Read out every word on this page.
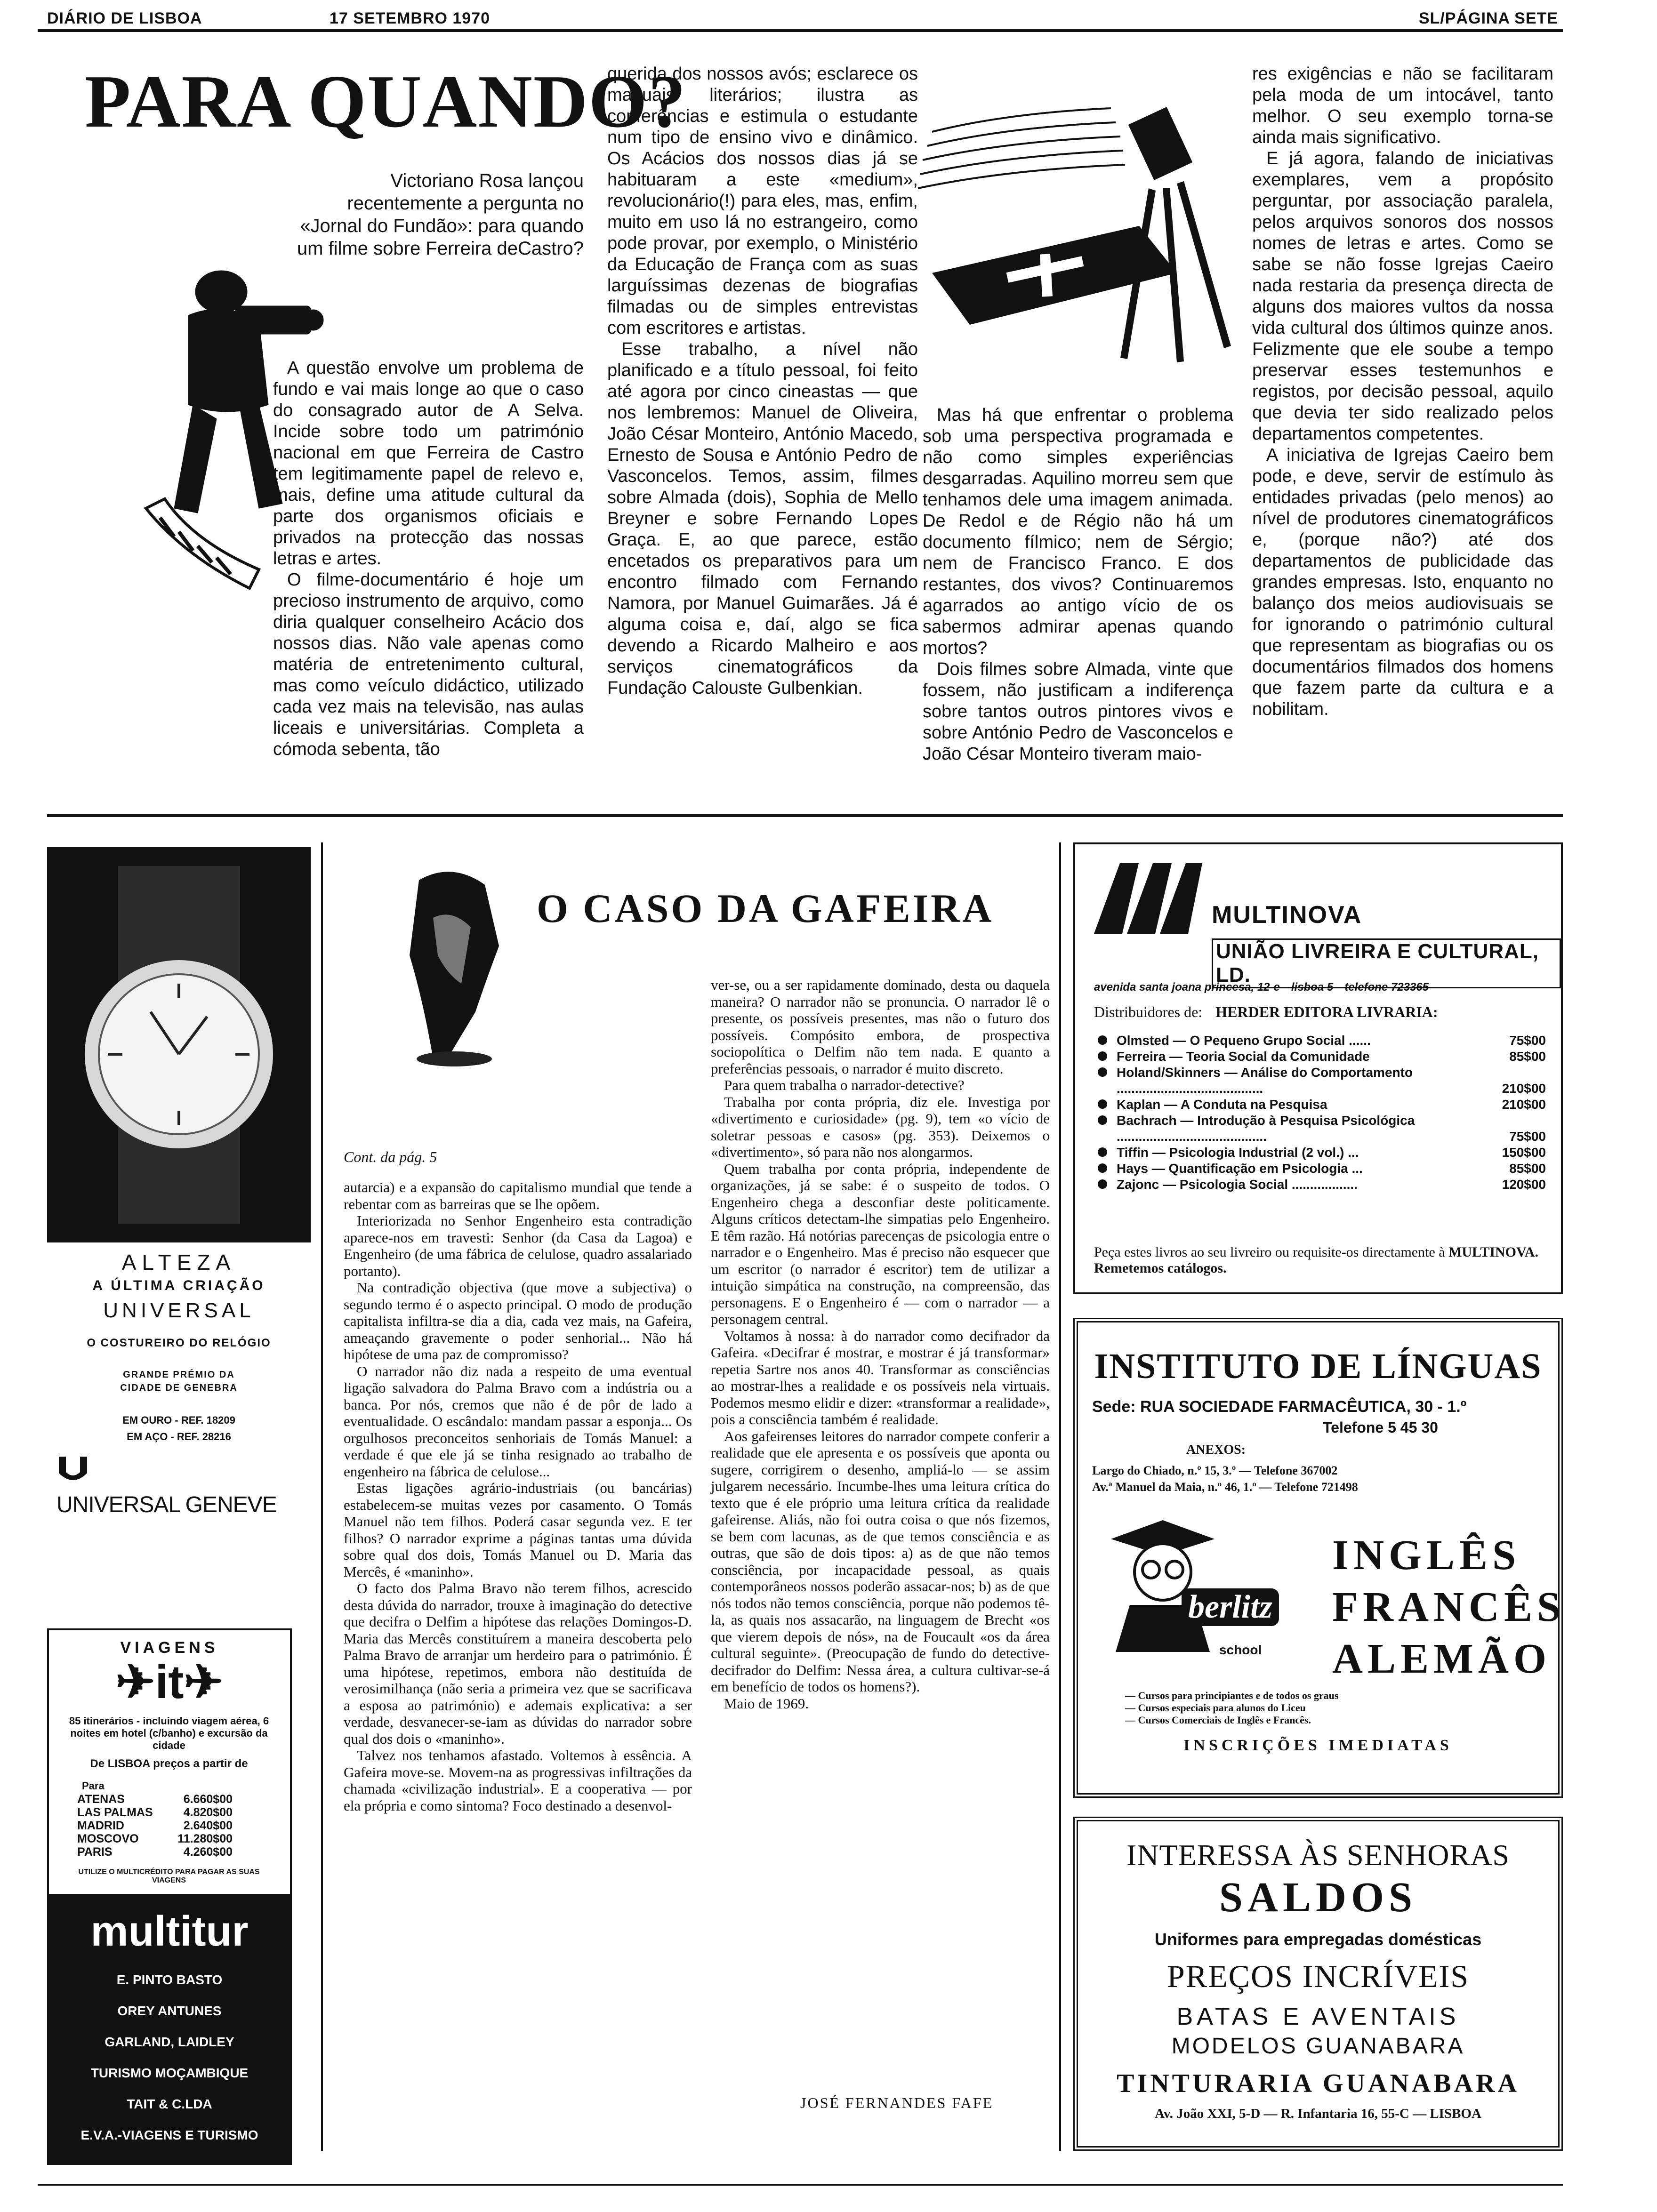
DIÁRIO DE LISBOA	17 SETEMBRO 1970	SL/PÁGINA SETE
PARA QUANDO?
Victoriano Rosa lançou recentemente a pergunta no «Jornal do Fundão»: para quando um filme sobre Ferreira deCastro?

A questão envolve um problema de fundo e vai mais longe ao que o caso do consagrado autor de A Selva. Incide sobre todo um património nacional em que Ferreira de Castro tem legitimamente papel de relevo e, mais, define uma atitude cultural da parte dos organismos oficiais e privados na protecção das nossas letras e artes.

O filme-documentário é hoje um precioso instrumento de arquivo, como diria qualquer conselheiro Acácio dos nossos dias. Não vale apenas como matéria de entretenimento cultural, mas como veículo didáctico, utilizado cada vez mais na televisão, nas aulas liceais e universitárias. Completa a cómoda sebenta, tão

querida dos nossos avós; esclarece os manuais literários; ilustra as conferências e estimula o estudante num tipo de ensino vivo e dinâmico. Os Acácios dos nossos dias já se habituaram a este «medium», revolucionário(!) para eles, mas, enfim, muito em uso lá no estrangeiro, como pode provar, por exemplo, o Ministério da Educação de França com as suas larguíssimas dezenas de biografias filmadas ou de simples entrevistas com escritores e artistas.

Esse trabalho, a nível não planificado e a título pessoal, foi feito até agora por cinco cineastas — que nos lembremos: Manuel de Oliveira, João César Monteiro, António Macedo, Ernesto de Sousa e António Pedro de Vasconcelos. Temos, assim, filmes sobre Almada (dois), Sophia de Mello Breyner e sobre Fernando Lopes Graça. E, ao que parece, estão encetados os preparativos para um encontro filmado com Fernando Namora, por Manuel Guimarães. Já é alguma coisa e, daí, algo se fica devendo a Ricardo Malheiro e aos serviços cinematográficos da Fundação Calouste Gulbenkian.

Mas há que enfrentar o problema sob uma perspectiva programada e não como simples experiências desgarradas. Aquilino morreu sem que tenhamos dele uma imagem animada. De Redol e de Régio não há um documento fílmico; nem de Sérgio; nem de Francisco Franco. E dos restantes, dos vivos? Continuaremos agarrados ao antigo vício de os sabermos admirar apenas quando mortos?

Dois filmes sobre Almada, vinte que fossem, não justificam a indiferença sobre tantos outros pintores vivos e sobre António Pedro de Vasconcelos e João César Monteiro tiveram maio-

res exigências e não se facilitaram pela moda de um intocável, tanto melhor. O seu exemplo torna-se ainda mais significativo.

E já agora, falando de iniciativas exemplares, vem a propósito perguntar, por associação paralela, pelos arquivos sonoros dos nossos nomes de letras e artes. Como se sabe se não fosse Igrejas Caeiro nada restaria da presença directa de alguns dos maiores vultos da nossa vida cultural dos últimos quinze anos. Felizmente que ele soube a tempo preservar esses testemunhos e registos, por decisão pessoal, aquilo que devia ter sido realizado pelos departamentos competentes.

A iniciativa de Igrejas Caeiro bem pode, e deve, servir de estímulo às entidades privadas (pelo menos) ao nível de produtores cinematográficos e, (porque não?) até dos departamentos de publicidade das grandes empresas. Isto, enquanto no balanço dos meios audiovisuais se for ignorando o património cultural que representam as biografias ou os documentários filmados dos homens que fazem parte da cultura e a nobilitam.

ALTEZA
A ÚLTIMA CRIAÇÃO
UNIVERSAL
O COSTUREIRO DO RELÓGIO
GRANDE PRÉMIO DA
CIDADE DE GENEBRA
EM OURO - REF. 18209
EM AÇO - REF. 28216
UNIVERSAL GENEVE
VIAGENS
✈it✈
85 itinerários - incluindo viagem aérea, 6 noites em hotel (c/banho) e excursão da cidade
De LISBOA preços a partir de
Para
ATENAS	6.660$00
LAS PALMAS	4.820$00
MADRID	2.640$00
MOSCOVO	11.280$00
PARIS	4.260$00
UTILIZE O MULTICRÉDITO PARA PAGAR AS SUAS VIAGENS
multitur
E. PINTO BASTO
OREY ANTUNES
GARLAND, LAIDLEY
TURISMO MOÇAMBIQUE
TAIT & C.LDA
E.V.A.-VIAGENS E TURISMO
O CASO DA GAFEIRA
Cont. da pág. 5

autarcia) e a expansão do capitalismo mundial que tende a rebentar com as barreiras que se lhe opõem.

Interiorizada no Senhor Engenheiro esta contradição aparece-nos em travesti: Senhor (da Casa da Lagoa) e Engenheiro (de uma fábrica de celulose, quadro assalariado portanto).

Na contradição objectiva (que move a subjectiva) o segundo termo é o aspecto principal. O modo de produção capitalista infiltra-se dia a dia, cada vez mais, na Gafeira, ameaçando gravemente o poder senhorial... Não há hipótese de uma paz de compromisso?

O narrador não diz nada a respeito de uma eventual ligação salvadora do Palma Bravo com a indústria ou a banca. Por nós, cremos que não é de pôr de lado a eventualidade. O escândalo: mandam passar a esponja... Os orgulhosos preconceitos senhoriais de Tomás Manuel: a verdade é que ele já se tinha resignado ao trabalho de engenheiro na fábrica de celulose...

Estas ligações agrário-industriais (ou bancárias) estabelecem-se muitas vezes por casamento. O Tomás Manuel não tem filhos. Poderá casar segunda vez. E ter filhos? O narrador exprime a páginas tantas uma dúvida sobre qual dos dois, Tomás Manuel ou D. Maria das Mercês, é «maninho».

O facto dos Palma Bravo não terem filhos, acrescido desta dúvida do narrador, trouxe à imaginação do detective que decifra o Delfim a hipótese das relações Domingos-D. Maria das Mercês constituírem a maneira descoberta pelo Palma Bravo de arranjar um herdeiro para o património. É uma hipótese, repetimos, embora não destituída de verosimilhança (não seria a primeira vez que se sacrificava a esposa ao património) e ademais explicativa: a ser verdade, desvanecer-se-iam as dúvidas do narrador sobre qual dos dois o «maninho».

Talvez nos tenhamos afastado. Voltemos à essência. A Gafeira move-se. Movem-na as progressivas infiltrações da chamada «civilização industrial». E a cooperativa — por ela própria e como sintoma? Foco destinado a desenvol-

ver-se, ou a ser rapidamente dominado, desta ou daquela maneira? O narrador não se pronuncia. O narrador lê o presente, os possíveis presentes, mas não o futuro dos possíveis. Compósito embora, de prospectiva sociopolítica o Delfim não tem nada. E quanto a preferências pessoais, o narrador é muito discreto.

Para quem trabalha o narrador-detective?

Trabalha por conta própria, diz ele. Investiga por «divertimento e curiosidade» (pg. 9), tem «o vício de soletrar pessoas e casos» (pg. 353). Deixemos o «divertimento», só para não nos alongarmos.

Quem trabalha por conta própria, independente de organizações, já se sabe: é o suspeito de todos. O Engenheiro chega a desconfiar deste politicamente. Alguns críticos detectam-lhe simpatias pelo Engenheiro. E têm razão. Há notórias parecenças de psicologia entre o narrador e o Engenheiro. Mas é preciso não esquecer que um escritor (o narrador é escritor) tem de utilizar a intuição simpática na construção, na compreensão, das personagens. E o Engenheiro é — com o narrador — a personagem central.

Voltamos à nossa: à do narrador como decifrador da Gafeira. «Decifrar é mostrar, e mostrar é já transformar» repetia Sartre nos anos 40. Transformar as consciências ao mostrar-lhes a realidade e os possíveis nela virtuais. Podemos mesmo elidir e dizer: «transformar a realidade», pois a consciência também é realidade.

Aos gafeirenses leitores do narrador compete conferir a realidade que ele apresenta e os possíveis que aponta ou sugere, corrigirem o desenho, ampliá-lo — se assim julgarem necessário. Incumbe-lhes uma leitura crítica do texto que é ele próprio uma leitura crítica da realidade gafeirense. Aliás, não foi outra coisa o que nós fizemos, se bem com lacunas, as de que temos consciência e as outras, que são de dois tipos: a) as de que não temos consciência, por incapacidade pessoal, as quais contemporâneos nossos poderão assacar-nos; b) as de que nós todos não temos consciência, porque não podemos tê-la, as quais nos assacarão, na linguagem de Brecht «os que vierem depois de nós», na de Foucault «os da área cultural seguinte». (Preocupação de fundo do detective-decifrador do Delfim: Nessa área, a cultura cultivar-se-á em benefício de todos os homens?).

Maio de 1969.

JOSÉ FERNANDES FAFE
MULTINOVA
UNIÃO LIVREIRA E CULTURAL, LD.
avenida santa joana princesa, 12-e—lisboa 5—telefone 723365
Distribuidores de: HERDER EDITORA LIVRARIA:
Olmsted — O Pequeno Grupo Social ......	75$00
Ferreira — Teoria Social da Comunidade	85$00
Holand/Skinners — Análise do Comportamento ........................................	210$00
Kaplan — A Conduta na Pesquisa	210$00
Bachrach — Introdução à Pesquisa Psicológica .........................................	75$00
Tiffin — Psicologia Industrial (2 vol.) ...	150$00
Hays — Quantificação em Psicologia ...	85$00
Zajonc — Psicologia Social ..................	120$00
Peça estes livros ao seu livreiro ou requisite-os directamente à MULTINOVA. Remetemos catálogos.
INSTITUTO DE LÍNGUAS
Sede: RUA SOCIEDADE FARMACÊUTICA, 30 - 1.º
Telefone 5 45 30
ANEXOS:
Largo do Chiado, n.º 15, 3.º — Telefone 367002
Av.ª Manuel da Maia, n.º 46, 1.º — Telefone 721498
berlitz
school
INGLÊS
FRANCÊS
ALEMÃO
— Cursos para principiantes e de todos os graus
— Cursos especiais para alunos do Liceu
— Cursos Comerciais de Inglês e Francês.
INSCRIÇÕES IMEDIATAS
INTERESSA ÀS SENHORAS
SALDOS
Uniformes para empregadas domésticas
PREÇOS INCRÍVEIS
BATAS E AVENTAIS
MODELOS GUANABARA
TINTURARIA GUANABARA
Av. João XXI, 5-D — R. Infantaria 16, 55-C — LISBOA
